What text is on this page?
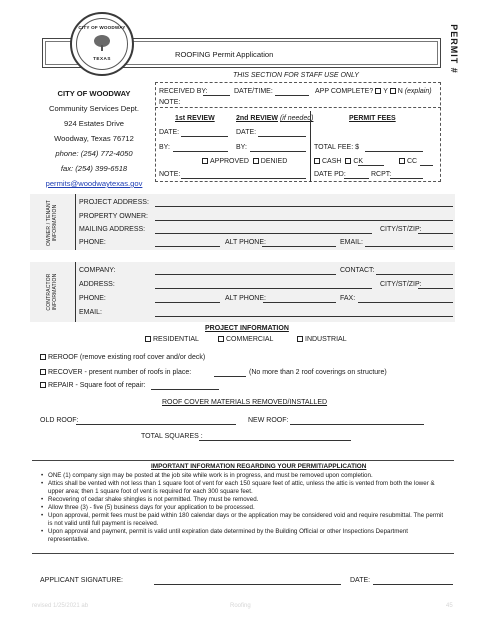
CITY OF WOODWAY
TEXAS	ROOFING Permit Application	PERMIT #
CITY OF WOODWAY
Community Services Dept.
924 Estates Drive
Woodway, Texas 76712
phone: (254) 772-4050
fax: (254) 399-6518
permits@woodwaytexas.gov
THIS SECTION FOR STAFF USE ONLY
RECEIVED BY:	DATE/TIME:	APP COMPLETE? Y N (explain)
NOTE:
1st REVIEW	2nd REVIEW (if needed)	PERMIT FEES
DATE:	DATE:
BY:	BY:	TOTAL FEE: $
APPROVED DENIED	CASH CK	CC
NOTE:	DATE PD:	RCPT:
OWNER / TENANT INFORMATION
PROJECT ADDRESS:
PROPERTY OWNER:
MAILING ADDRESS:	CITY/ST/ZIP:
PHONE:	ALT PHONE:	EMAIL:
CONTRACTOR INFORMATION
COMPANY:	CONTACT:
ADDRESS:	CITY/ST/ZIP:
PHONE:	ALT PHONE:	FAX:
EMAIL:
PROJECT INFORMATION
RESIDENTIAL	COMMERCIAL	INDUSTRIAL
REROOF (remove existing roof cover and/or deck)
RECOVER - present number of roofs in place:	(No more than 2 roof coverings on structure)
REPAIR - Square foot of repair:
ROOF COVER MATERIALS REMOVED/INSTALLED
OLD ROOF:	NEW ROOF:
TOTAL SQUARES :
IMPORTANT INFORMATION REGARDING YOUR PERMIT/APPLICATION
• ONE (1) company sign may be posted at the job site while work is in progress, and must be removed upon completion.
• Attics shall be vented with not less than 1 square foot of vent for each 150 square feet of attic, unless the attic is vented from both the lower & upper area; then 1 square foot of vent is required for each 300 square feet.
• Recovering of cedar shake shingles is not permitted. They must be removed.
• Allow three (3) - five (5) business days for your application to be processed.
• Upon approval, permit fees must be paid within 180 calendar days or the application may be considered void and require resubmittal. The permit is not valid until full payment is received.
• Upon approval and payment, permit is valid until expiration date determined by the Building Official or other Inspections Department representative.
APPLICANT SIGNATURE:	DATE:
revised 1/25/2021 ab	Roofing	45
